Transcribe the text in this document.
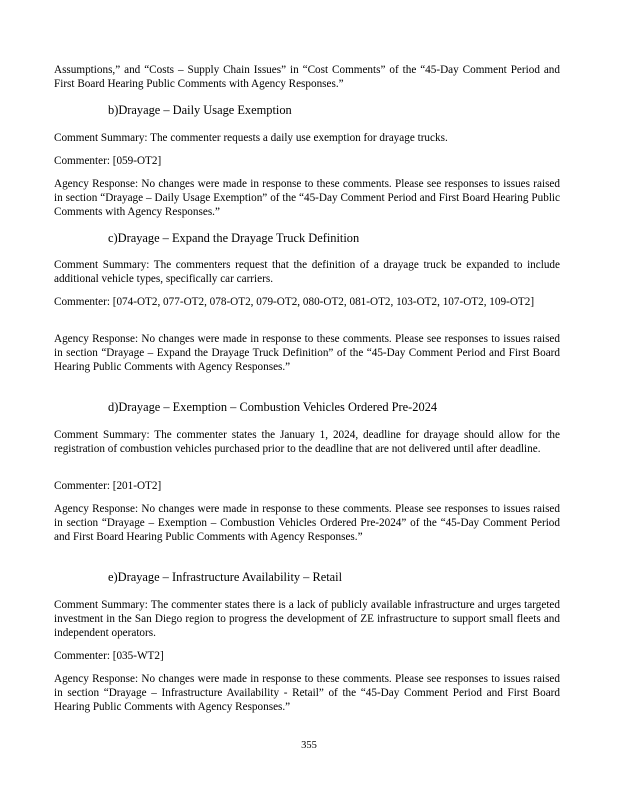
Assumptions,” and “Costs – Supply Chain Issues” in “Cost Comments” of the “45-Day Comment Period and First Board Hearing Public Comments with Agency Responses.”

b)Drayage – Daily Usage Exemption

Comment Summary: The commenter requests a daily use exemption for drayage trucks.

Commenter: [059-OT2]

Agency Response: No changes were made in response to these comments. Please see responses to issues raised in section “Drayage – Daily Usage Exemption” of the “45-Day Comment Period and First Board Hearing Public Comments with Agency Responses.”

c)Drayage – Expand the Drayage Truck Definition

Comment Summary: The commenters request that the definition of a drayage truck be expanded to include additional vehicle types, specifically car carriers.

Commenter: [074-OT2, 077-OT2, 078-OT2, 079-OT2, 080-OT2, 081-OT2, 103-OT2, 107-OT2, 109-OT2]

Agency Response: No changes were made in response to these comments. Please see responses to issues raised in section “Drayage – Expand the Drayage Truck Definition” of the “45-Day Comment Period and First Board Hearing Public Comments with Agency Responses.”

d)Drayage – Exemption – Combustion Vehicles Ordered Pre-2024

Comment Summary: The commenter states the January 1, 2024, deadline for drayage should allow for the registration of combustion vehicles purchased prior to the deadline that are not delivered until after deadline.

Commenter: [201-OT2]

Agency Response: No changes were made in response to these comments. Please see responses to issues raised in section “Drayage – Exemption – Combustion Vehicles Ordered Pre-2024” of the “45-Day Comment Period and First Board Hearing Public Comments with Agency Responses.”

e)Drayage – Infrastructure Availability – Retail

Comment Summary: The commenter states there is a lack of publicly available infrastructure and urges targeted investment in the San Diego region to progress the development of ZE infrastructure to support small fleets and independent operators.

Commenter: [035-WT2]

Agency Response: No changes were made in response to these comments. Please see responses to issues raised in section “Drayage – Infrastructure Availability - Retail” of the “45-Day Comment Period and First Board Hearing Public Comments with Agency Responses.”

355
